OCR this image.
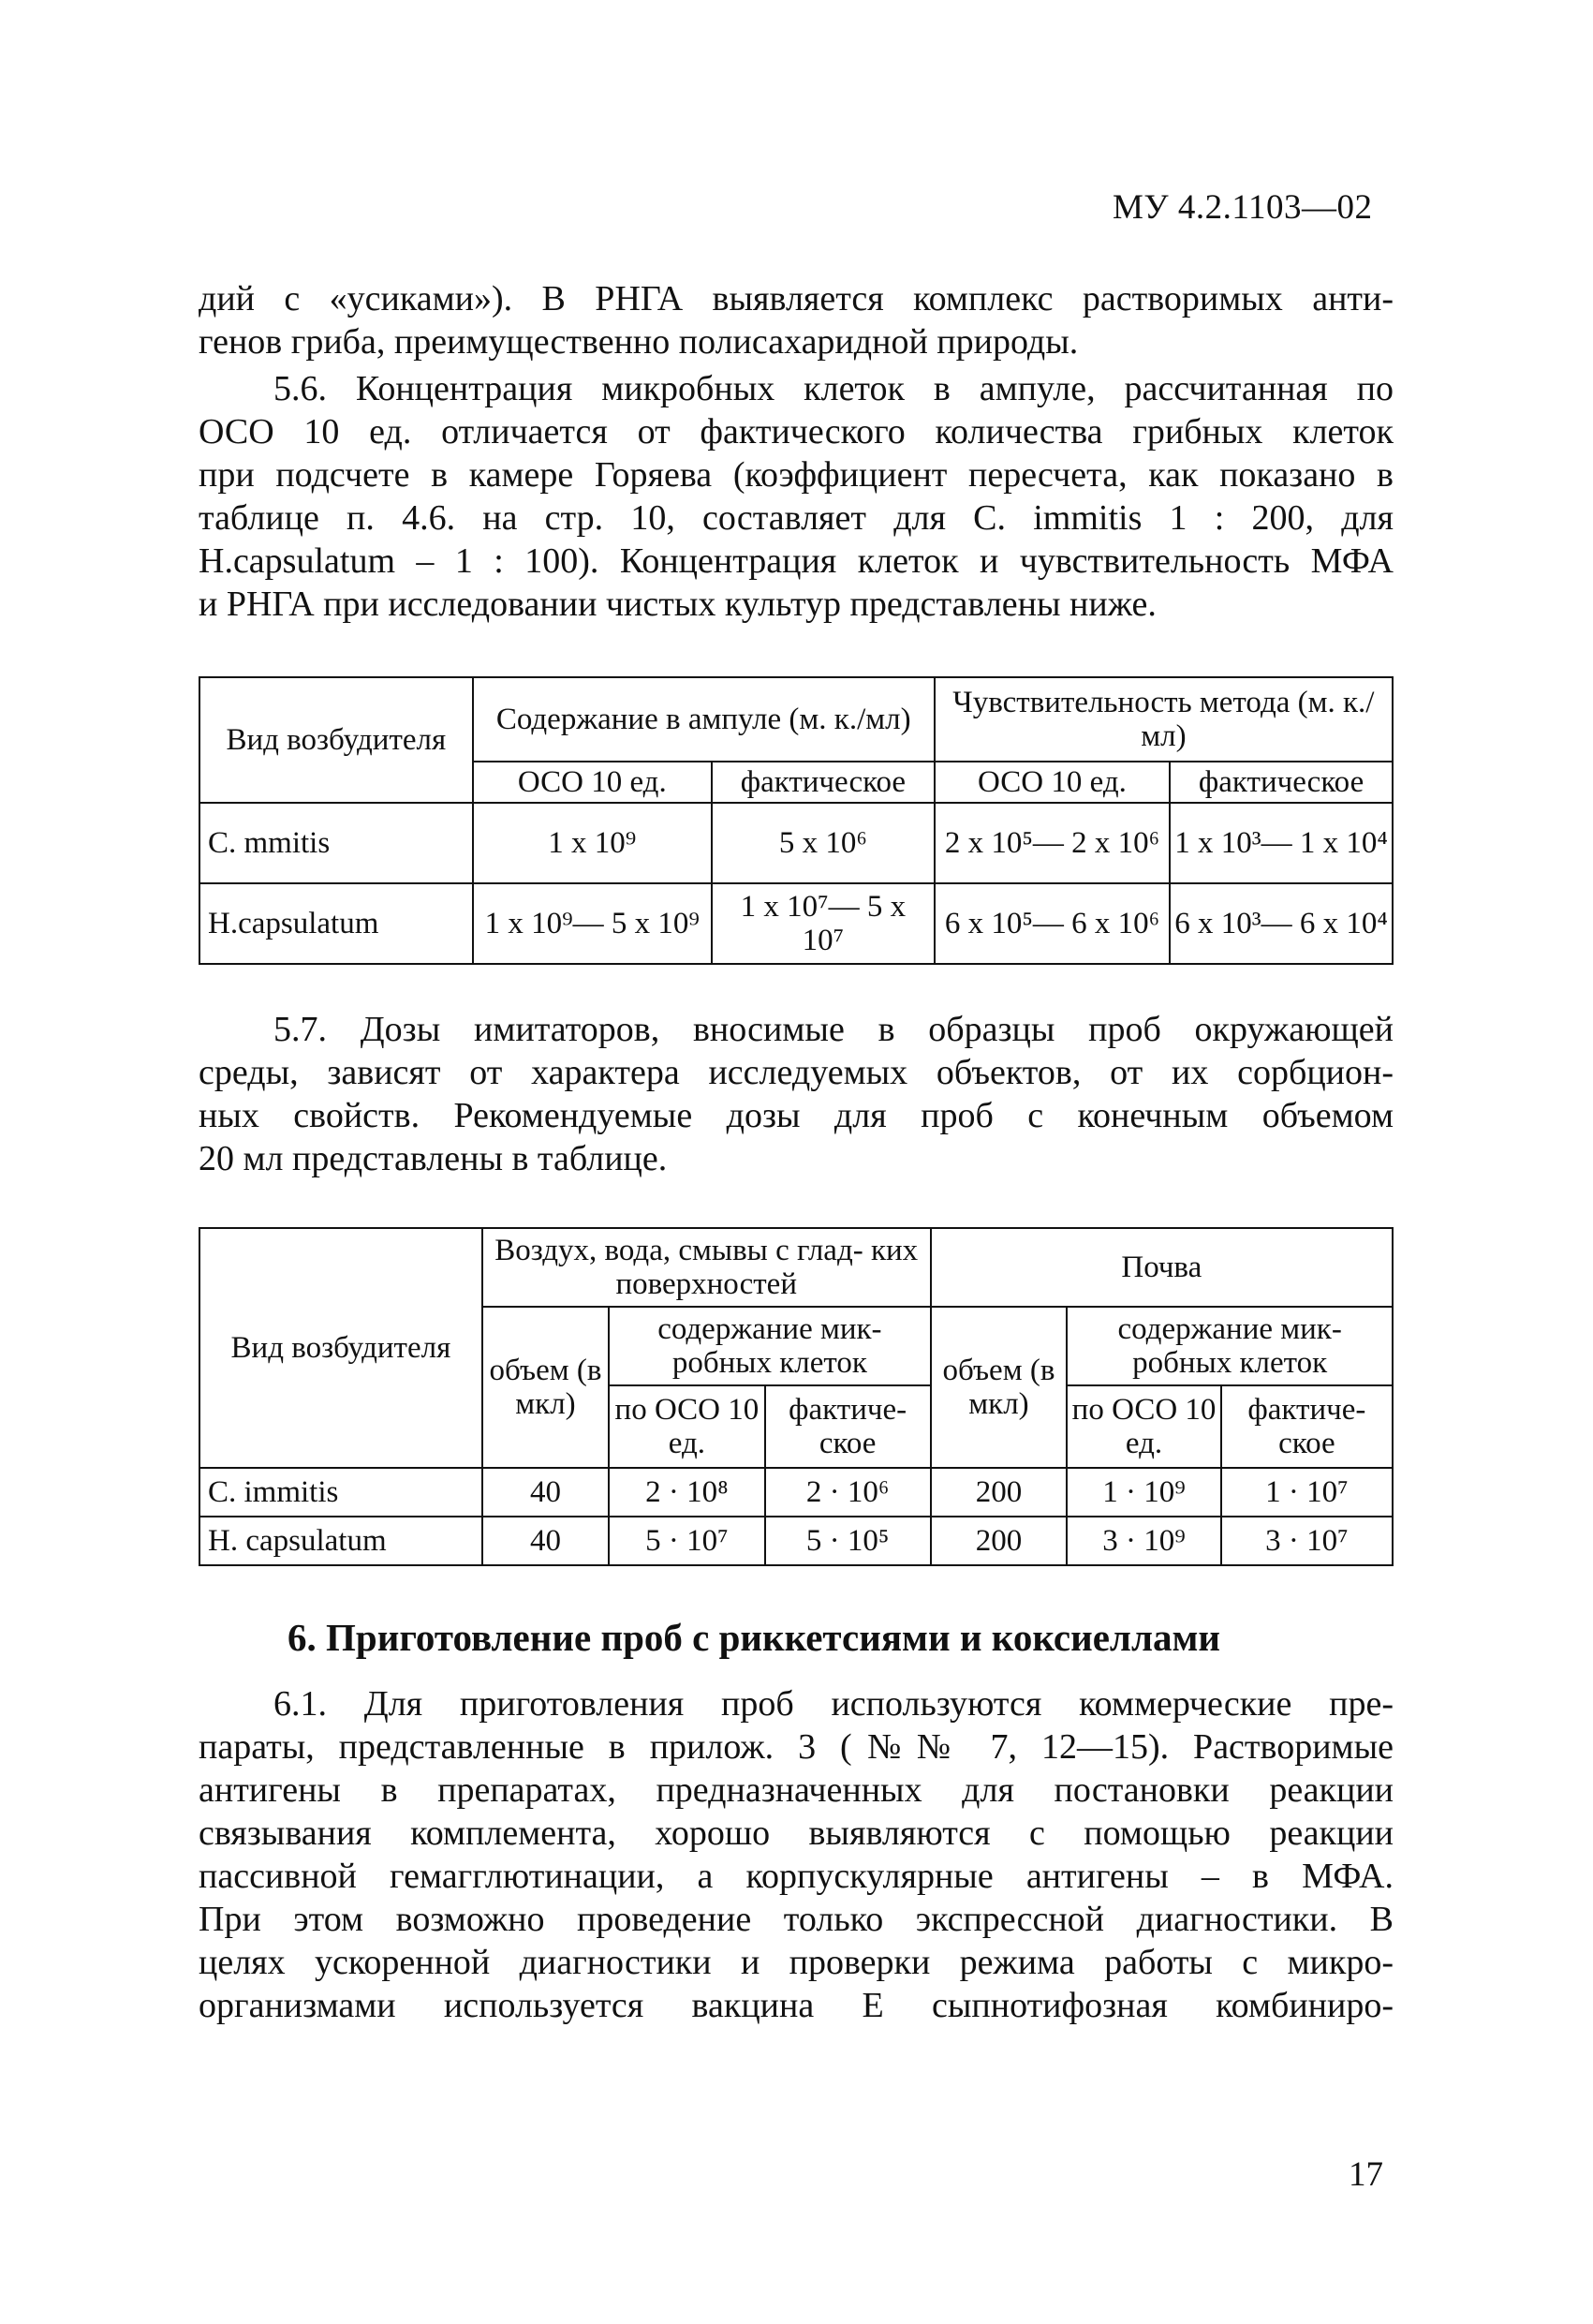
МУ 4.2.1103—02
дий с «усиками»). В РНГА выявляется комплекс растворимых анти-
генов гриба, преимущественно полисахаридной природы.
5.6. Концентрация микробных клеток в ампуле, рассчитанная по
ОСО 10 ед. отличается от фактического количества грибных клеток
при подсчете в камере Горяева (коэффициент пересчета, как показано в
таблице п. 4.6. на стр. 10, составляет для C. immitis 1 : 200, для
H.capsulatum – 1 : 100). Концентрация клеток и чувствительность МФА
и РНГА при исследовании чистых культур представлены ниже.
Вид возбудителя	Содержание в ампуле (м. к./мл)		Чувствительность метода (м. к./мл)	
	ОСО 10 ед.	фактическое	ОСО 10 ед.	фактическое
C. mmitis	1 x 10⁹	5 x 10⁶	2 x 10⁵— 2 x 10⁶	1 x 10³— 1 x 10⁴
H.capsulatum	1 x 10⁹— 5 x 10⁹	1 x 10⁷— 5 x 10⁷	6 x 10⁵— 6 x 10⁶	6 x 10³— 6 x 10⁴
5.7. Дозы имитаторов, вносимые в образцы проб окружающей
среды, зависят от характера исследуемых объектов, от их сорбцион-
ных свойств. Рекомендуемые дозы для проб с конечным объемом
20 мл представлены в таблице.
Вид возбудителя	Воздух, вода, смывы с глад- ких поверхностей			Почва		
	объем (в мкл)	содержание мик- робных клеток		объем (в мкл)	содержание мик- робных клеток	
		по ОСО 10 ед.	фактиче- ское		по ОСО 10 ед.	фактиче- ское
C. immitis	40	2 · 10⁸	2 · 10⁶	200	1 · 10⁹	1 · 10⁷
H. capsulatum	40	5 · 10⁷	5 · 10⁵	200	3 · 10⁹	3 · 10⁷
6. Приготовление проб с риккетсиями и коксиеллами
6.1. Для приготовления проб используются коммерческие пре-
параты, представленные в прилож. 3 (№№ 7, 12—15). Растворимые
антигены в препаратах, предназначенных для постановки реакции
связывания комплемента, хорошо выявляются с помощью реакции
пассивной гемагглютинации, а корпускулярные антигены – в МФА.
При этом возможно проведение только экспрессной диагностики. В
целях ускоренной диагностики и проверки режима работы с микро-
организмами используется вакцина Е сыпнотифозная комбиниро-
17
